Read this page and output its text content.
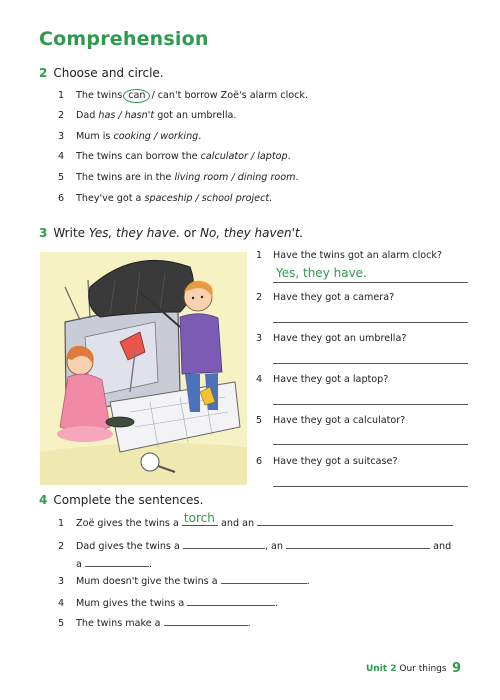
Comprehension
2 Choose and circle.
1 The twins can / can't borrow Zoë's alarm clock.
2 Dad has / hasn't got an umbrella.
3 Mum is cooking / working.
4 The twins can borrow the calculator / laptop.
5 The twins are in the living room / dining room.
6 They've got a spaceship / school project.
3 Write Yes, they have. or No, they haven't.
1 Have the twins got an alarm clock?
Yes, they have.
2 Have they got a camera?
3 Have they got an umbrella?
4 Have they got a laptop?
5 Have they got a calculator?
6 Have they got a suitcase?
4 Complete the sentences.
1 Zoë gives the twins a torch and an
2 Dad gives the twins a	, an	and
a	.
3 Mum doesn't give the twins a	.
4 Mum gives the twins a	.
5 The twins make a	.
Unit 2 Our things 9
